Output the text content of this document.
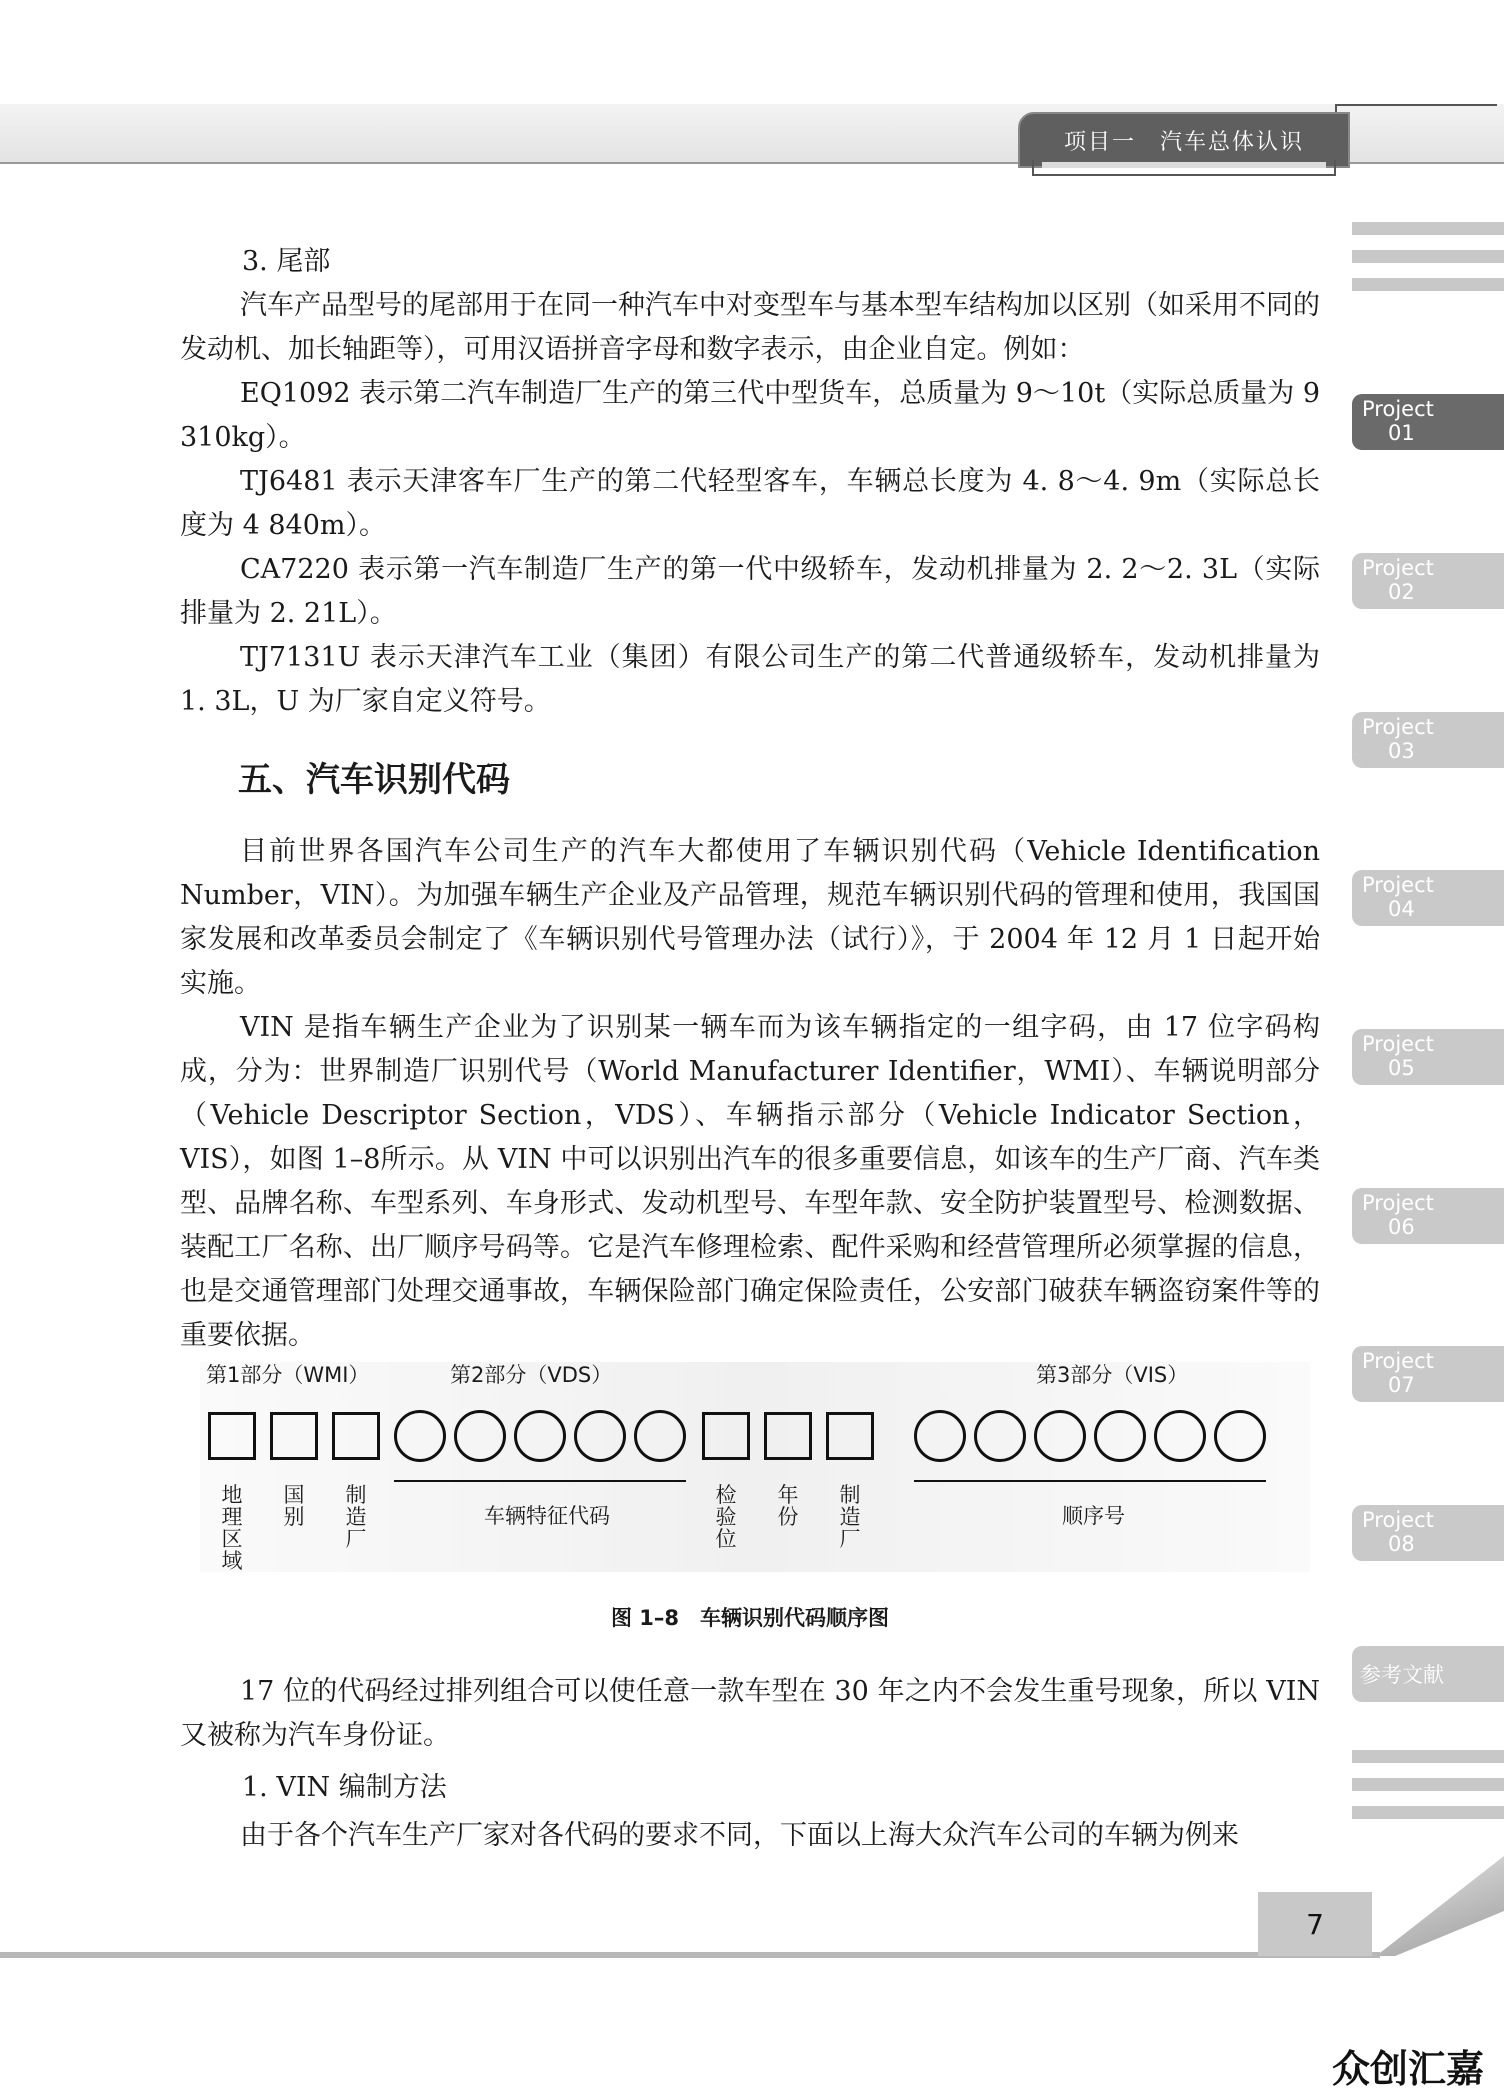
项目一　汽车总体认识
Project
01
Project
02
Project
03
Project
04
Project
05
Project
06
Project
07
Project
08
参考文献

3. 尾部

汽车产品型号的尾部用于在同一种汽车中对变型车与基本型车结构加以区别（如采用不同的发动机、加长轴距等），可用汉语拼音字母和数字表示，由企业自定。例如：

EQ1092 表示第二汽车制造厂生产的第三代中型货车，总质量为 9～10t（实际总质量为 9 310kg）。

TJ6481 表示天津客车厂生产的第二代轻型客车，车辆总长度为 4. 8～4. 9m（实际总长度为 4 840m）。

CA7220 表示第一汽车制造厂生产的第一代中级轿车，发动机排量为 2. 2～2. 3L（实际排量为 2. 21L）。

TJ7131U 表示天津汽车工业（集团）有限公司生产的第二代普通级轿车，发动机排量为 1. 3L，U 为厂家自定义符号。

五、汽车识别代码

目前世界各国汽车公司生产的汽车大都使用了车辆识别代码（Vehicle Identification Number，VIN）。为加强车辆生产企业及产品管理，规范车辆识别代码的管理和使用，我国国家发展和改革委员会制定了《车辆识别代号管理办法（试行）》，于 2004 年 12 月 1 日起开始实施。

VIN 是指车辆生产企业为了识别某一辆车而为该车辆指定的一组字码，由 17 位字码构成，分为：世界制造厂识别代号（World Manufacturer Identifier，WMI）、车辆说明部分（Vehicle Descriptor Section，VDS）、车辆指示部分（Vehicle Indicator Section，VIS），如图 1–8所示。从 VIN 中可以识别出汽车的很多重要信息，如该车的生产厂商、汽车类型、品牌名称、车型系列、车身形式、发动机型号、车型年款、安全防护装置型号、检测数据、装配工厂名称、出厂顺序号码等。它是汽车修理检索、配件采购和经营管理所必须掌握的信息，也是交通管理部门处理交通事故，车辆保险部门确定保险责任，公安部门破获车辆盗窃案件等的重要依据。

第1部分（WMI）	第2部分（VDS）	第3部分（VIS）
地理区域
国别
制造厂
车辆特征代码
检验位
年份
制造厂
顺序号
图 1–8　车辆识别代码顺序图

17 位的代码经过排列组合可以使任意一款车型在 30 年之内不会发生重号现象，所以 VIN 又被称为汽车身份证。

1. VIN 编制方法

由于各个汽车生产厂家对各代码的要求不同，下面以上海大众汽车公司的车辆为例来

7
众创汇嘉
